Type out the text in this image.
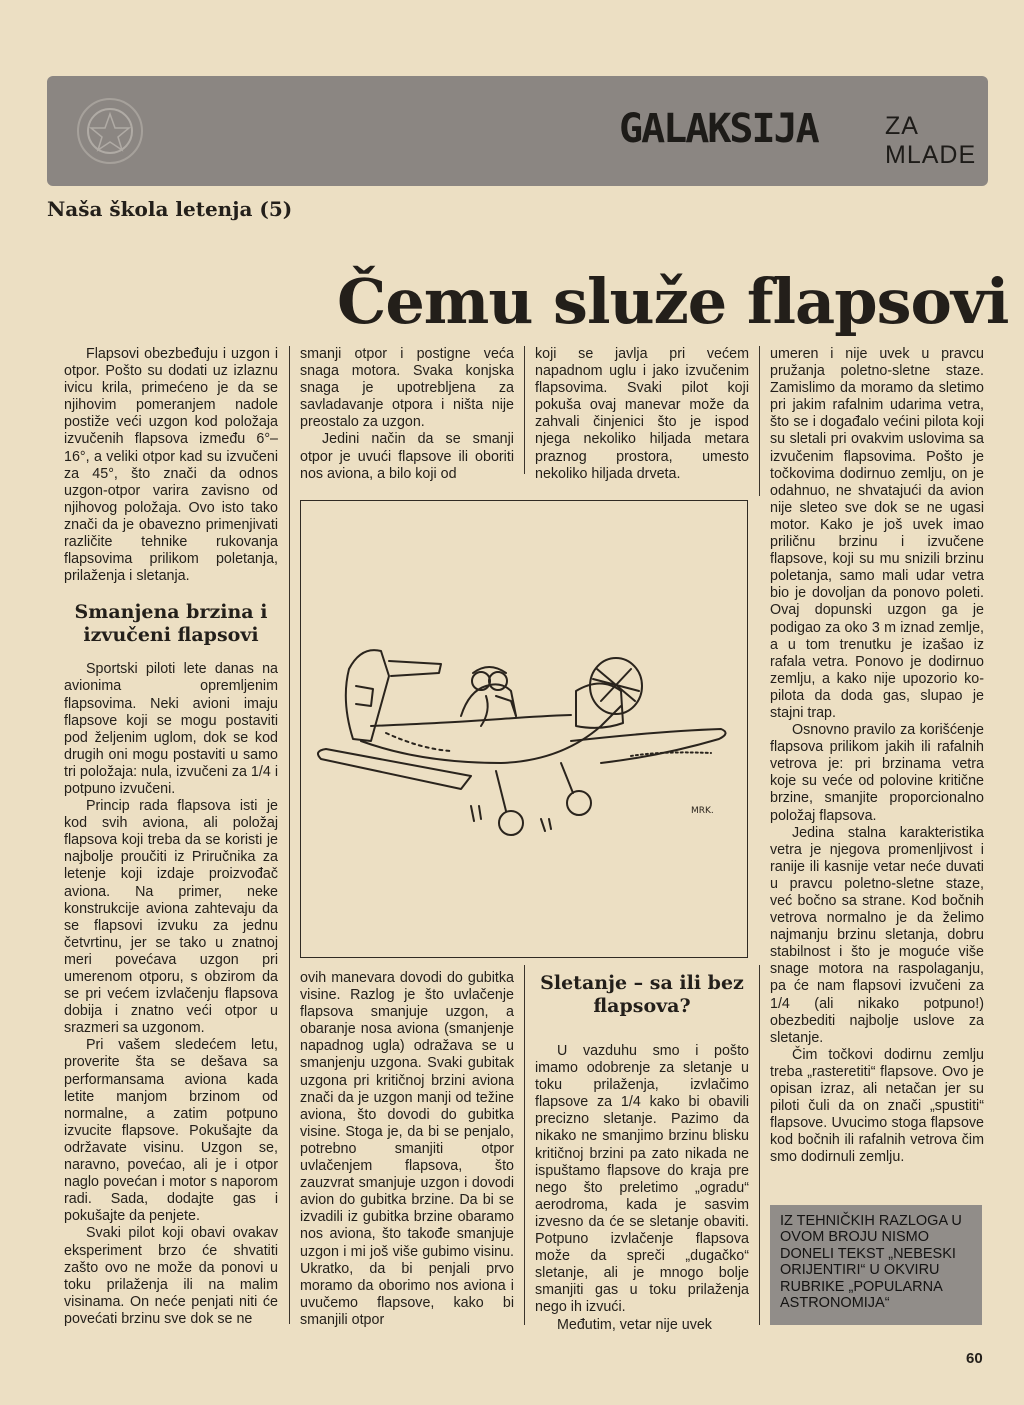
GALAKSIJA	ZA MLADE
Naša škola letenja (5)
Čemu služe flapsovi

Flapsovi obezbeđuju i uzgon i otpor. Pošto su dodati uz izlaznu ivicu krila, primećeno je da se njihovim pomeranjem nadole postiže veći uzgon kod položaja izvučenih flapsova između 6°–16°, a veliki otpor kad su izvučeni za 45°, što znači da odnos uzgon-otpor varira zavisno od njihovog položaja. Ovo isto tako znači da je obavezno primenjivati različite tehnike rukovanja flapsovima prilikom poletanja, prilaženja i sletanja.

Smanjena brzina i izvučeni flapsovi

Sportski piloti lete danas na avionima opremljenim flapsovima. Neki avioni imaju flapsove koji se mogu postaviti pod željenim uglom, dok se kod drugih oni mogu postaviti u samo tri položaja: nula, izvučeni za 1/4 i potpuno izvučeni.

Princip rada flapsova isti je kod svih aviona, ali položaj flapsova koji treba da se koristi je najbolje proučiti iz Priručnika za letenje koji izdaje proizvođač aviona. Na primer, neke konstrukcije aviona zahtevaju da se flapsovi izvuku za jednu četvrtinu, jer se tako u znatnoj meri povećava uzgon pri umerenom otporu, s obzirom da se pri većem izvlačenju flapsova dobija i znatno veći otpor u srazmeri sa uzgonom.

Pri vašem sledećem letu, proverite šta se dešava sa performansama aviona kada letite manjom brzinom od normalne, a zatim potpuno izvucite flapsove. Pokušajte da održavate visinu. Uzgon se, naravno, povećao, ali je i otpor naglo povećan i motor s naporom radi. Sada, dodajte gas i pokušajte da penjete.

Svaki pilot koji obavi ovakav eksperiment brzo će shvatiti zašto ovo ne može da ponovi u toku prilaženja ili na malim visinama. On neće penjati niti će povećati brzinu sve dok se ne

smanji otpor i postigne veća snaga motora. Svaka konjska snaga je upotrebljena za savladavanje otpora i ništa nije preostalo za uzgon.

Jedini način da se smanji otpor je uvući flapsove ili oboriti nos aviona, a bilo koji od

koji se javlja pri većem napadnom uglu i jako izvučenim flapsovima. Svaki pilot koji pokuša ovaj manevar može da zahvali činjenici što je ispod njega nekoliko hiljada metara praznog prostora, umesto nekoliko hiljada drveta.

MRK.

ovih manevara dovodi do gubitka visine. Razlog je što uvlačenje flapsova smanjuje uzgon, a obaranje nosa aviona (smanjenje napadnog ugla) odražava se u smanjenju uzgona. Svaki gubitak uzgona pri kritičnoj brzini aviona znači da je uzgon manji od težine aviona, što dovodi do gubitka visine. Stoga je, da bi se penjalo, potrebno smanjiti otpor uvlačenjem flapsova, što zauzvrat smanjuje uzgon i dovodi avion do gubitka brzine. Da bi se izvadili iz gubitka brzine obaramo nos aviona, što takođe smanjuje uzgon i mi još više gubimo visinu. Ukratko, da bi penjali prvo moramo da oborimo nos aviona i uvučemo flapsove, kako bi smanjili otpor

Sletanje – sa ili bez flapsova?

U vazduhu smo i pošto imamo odobrenje za sletanje u toku prilaženja, izvlačimo flapsove za 1/4 kako bi obavili precizno sletanje. Pazimo da nikako ne smanjimo brzinu blisku kritičnoj brzini pa zato nikada ne ispuštamo flapsove do kraja pre nego što preletimo „ogradu“ aerodroma, kada je sasvim izvesno da će se sletanje obaviti. Potpuno izvlačenje flapsova može da spreči „dugačko“ sletanje, ali je mnogo bolje smanjiti gas u toku prilaženja nego ih izvući.

Međutim, vetar nije uvek

umeren i nije uvek u pravcu pružanja poletno-sletne staze. Zamislimo da moramo da sletimo pri jakim rafalnim udarima vetra, što se i događalo većini pilota koji su sletali pri ovakvim uslovima sa izvučenim flapsovima. Pošto je točkovima dodirnuo zemlju, on je odahnuo, ne shvatajući da avion nije sleteo sve dok se ne ugasi motor. Kako je još uvek imao priličnu brzinu i izvučene flapsove, koji su mu snizili brzinu poletanja, samo mali udar vetra bio je dovoljan da ponovo poleti. Ovaj dopunski uzgon ga je podigao za oko 3 m iznad zemlje, a u tom trenutku je izašao iz rafala vetra. Ponovo je dodirnuo zemlju, a kako nije upozorio ko-pilota da doda gas, slupao je stajni trap.

Osnovno pravilo za korišćenje flapsova prilikom jakih ili rafalnih vetrova je: pri brzinama vetra koje su veće od polovine kritične brzine, smanjite proporcionalno položaj flapsova.

Jedina stalna karakteristika vetra je njegova promenljivost i ranije ili kasnije vetar neće duvati u pravcu poletno-sletne staze, već bočno sa strane. Kod bočnih vetrova normalno je da želimo najmanju brzinu sletanja, dobru stabilnost i što je moguće više snage motora na raspolaganju, pa će nam flapsovi izvučeni za 1/4 (ali nikako potpuno!) obezbediti najbolje uslove za sletanje.

Čim točkovi dodirnu zemlju treba „rasteretiti“ flapsove. Ovo je opisan izraz, ali netačan jer su piloti čuli da on znači „spustiti“ flapsove. Uvucimo stoga flapsove kod bočnih ili rafalnih vetrova čim smo dodirnuli zemlju.

IZ TEHNIČKIH RAZLOGA U OVOM BROJU NISMO DONELI TEKST „NEBESKI ORIJENTIRI“ U OKVIRU RUBRIKE „POPULARNA ASTRONOMIJA“
60
